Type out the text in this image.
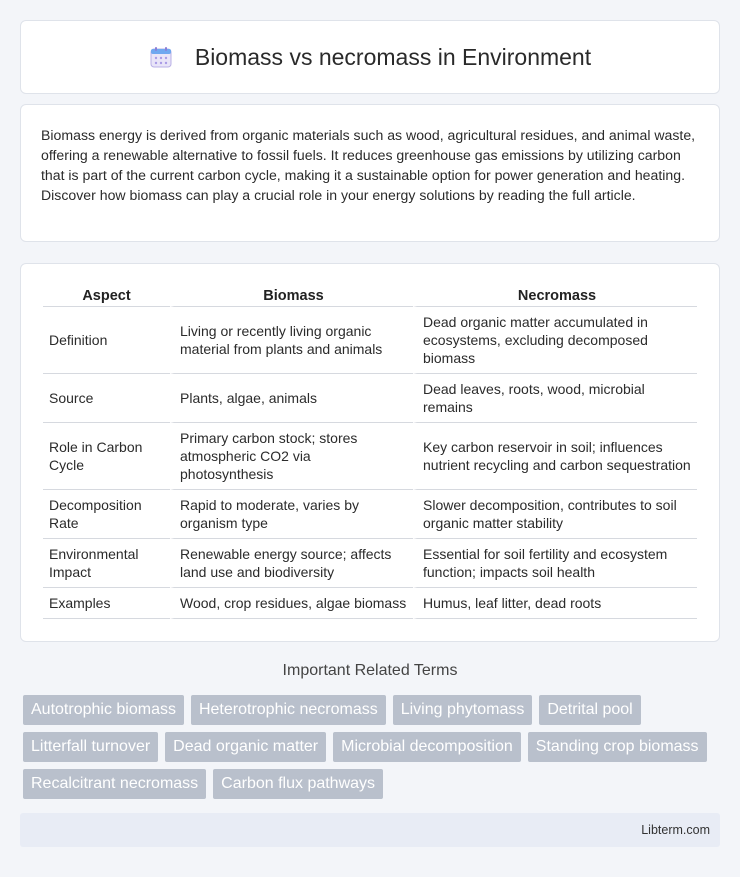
Biomass vs necromass in Environment

Biomass energy is derived from organic materials such as wood, agricultural residues, and animal waste, offering a renewable alternative to fossil fuels. It reduces greenhouse gas emissions by utilizing carbon that is part of the current carbon cycle, making it a sustainable option for power generation and heating. Discover how biomass can play a crucial role in your energy solutions by reading the full article.

Aspect	Biomass	Necromass
Definition	Living or recently living organic material from plants and animals	Dead organic matter accumulated in ecosystems, excluding decomposed biomass
Source	Plants, algae, animals	Dead leaves, roots, wood, microbial remains
Role in Carbon Cycle	Primary carbon stock; stores atmospheric CO2 via photosynthesis	Key carbon reservoir in soil; influences nutrient recycling and carbon sequestration
Decomposition Rate	Rapid to moderate, varies by organism type	Slower decomposition, contributes to soil organic matter stability
Environmental Impact	Renewable energy source; affects land use and biodiversity	Essential for soil fertility and ecosystem function; impacts soil health
Examples	Wood, crop residues, algae biomass	Humus, leaf litter, dead roots
Important Related Terms
Autotrophic biomass	Heterotrophic necromass	Living phytomass	Detrital pool
Litterfall turnover	Dead organic matter	Microbial decomposition	Standing crop biomass
Recalcitrant necromass	Carbon flux pathways
Libterm.com
